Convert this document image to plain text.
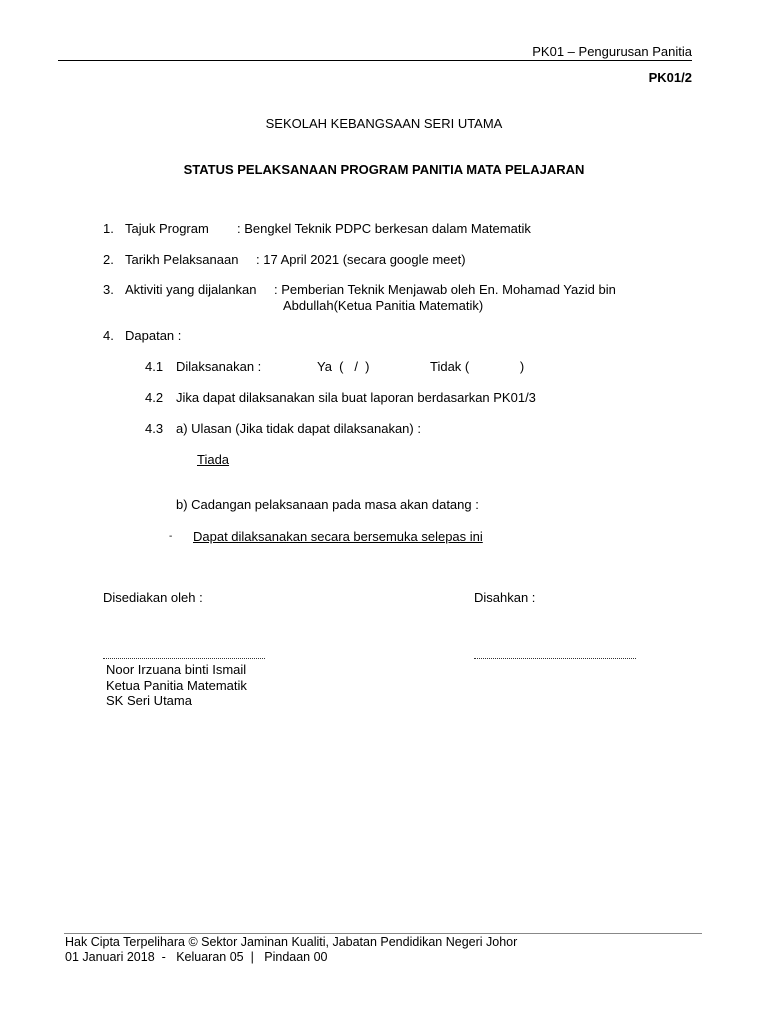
PK01 – Pengurusan Panitia
PK01/2
SEKOLAH KEBANGSAAN SERI UTAMA
STATUS PELAKSANAAN PROGRAM PANITIA MATA PELAJARAN
1. Tajuk Program : Bengkel Teknik PDPC berkesan dalam Matematik
2. Tarikh Pelaksanaan : 17 April 2021 (secara google meet)
3. Aktiviti yang dijalankan : Pemberian Teknik Menjawab oleh En. Mohamad Yazid bin
Abdullah(Ketua Panitia Matematik)
4. Dapatan :
4.1 Dilaksanakan :	Ya  (   /  )	Tidak (              )
4.2 Jika dapat dilaksanakan sila buat laporan berdasarkan PK01/3
4.3 a) Ulasan (Jika tidak dapat dilaksanakan) :
Tiada
b) Cadangan pelaksanaan pada masa akan datang :
- Dapat dilaksanakan secara bersemuka selepas ini
Disediakan oleh :	Disahkan :
Noor Irzuana binti Ismail
Ketua Panitia Matematik
SK Seri Utama
Hak Cipta Terpelihara © Sektor Jaminan Kualiti, Jabatan Pendidikan Negeri Johor
01 Januari 2018 - Keluaran 05 | Pindaan 00
